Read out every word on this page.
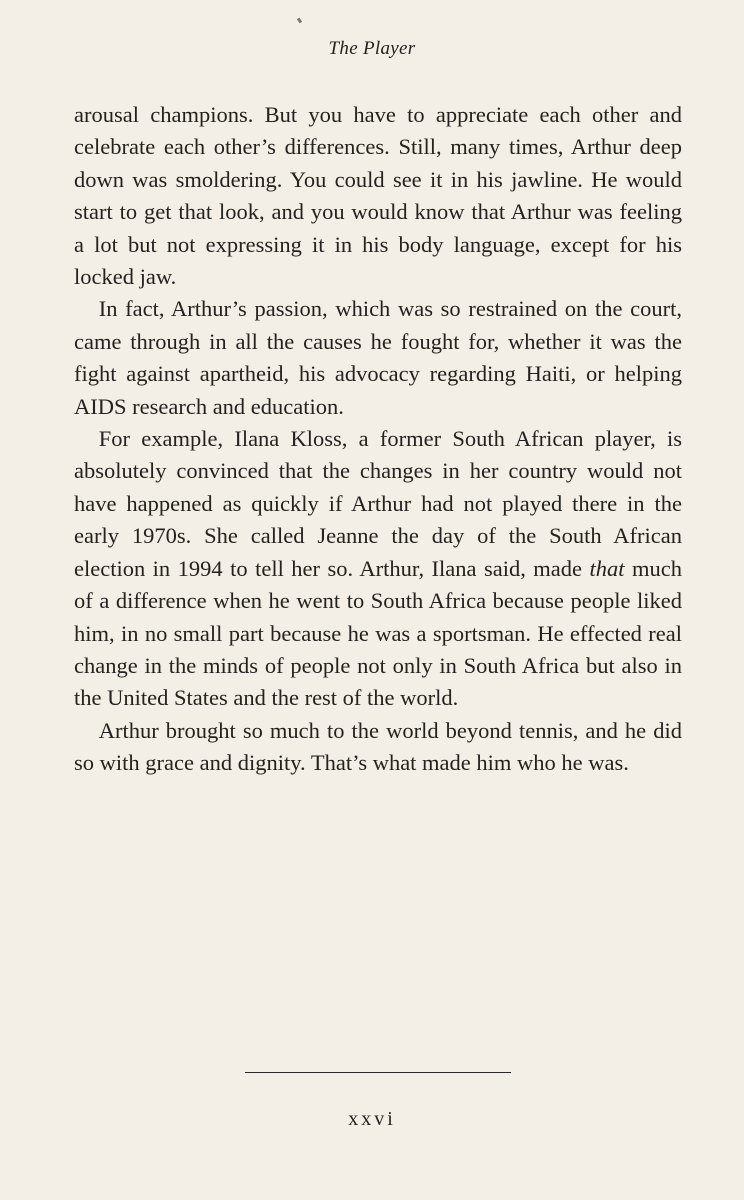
The Player

arousal champions. But you have to appreciate each other and celebrate each other’s differences. Still, many times, Arthur deep down was smoldering. You could see it in his jawline. He would start to get that look, and you would know that Arthur was feeling a lot but not expressing it in his body language, except for his locked jaw.

In fact, Arthur’s passion, which was so restrained on the court, came through in all the causes he fought for, whether it was the fight against apartheid, his advocacy regarding Haiti, or helping AIDS research and education.

For example, Ilana Kloss, a former South African player, is absolutely convinced that the changes in her country would not have happened as quickly if Arthur had not played there in the early 1970s. She called Jeanne the day of the South African election in 1994 to tell her so. Arthur, Ilana said, made that much of a difference when he went to South Africa because people liked him, in no small part because he was a sportsman. He effected real change in the minds of people not only in South Africa but also in the United States and the rest of the world.

Arthur brought so much to the world beyond tennis, and he did so with grace and dignity. That’s what made him who he was.

xxvi
